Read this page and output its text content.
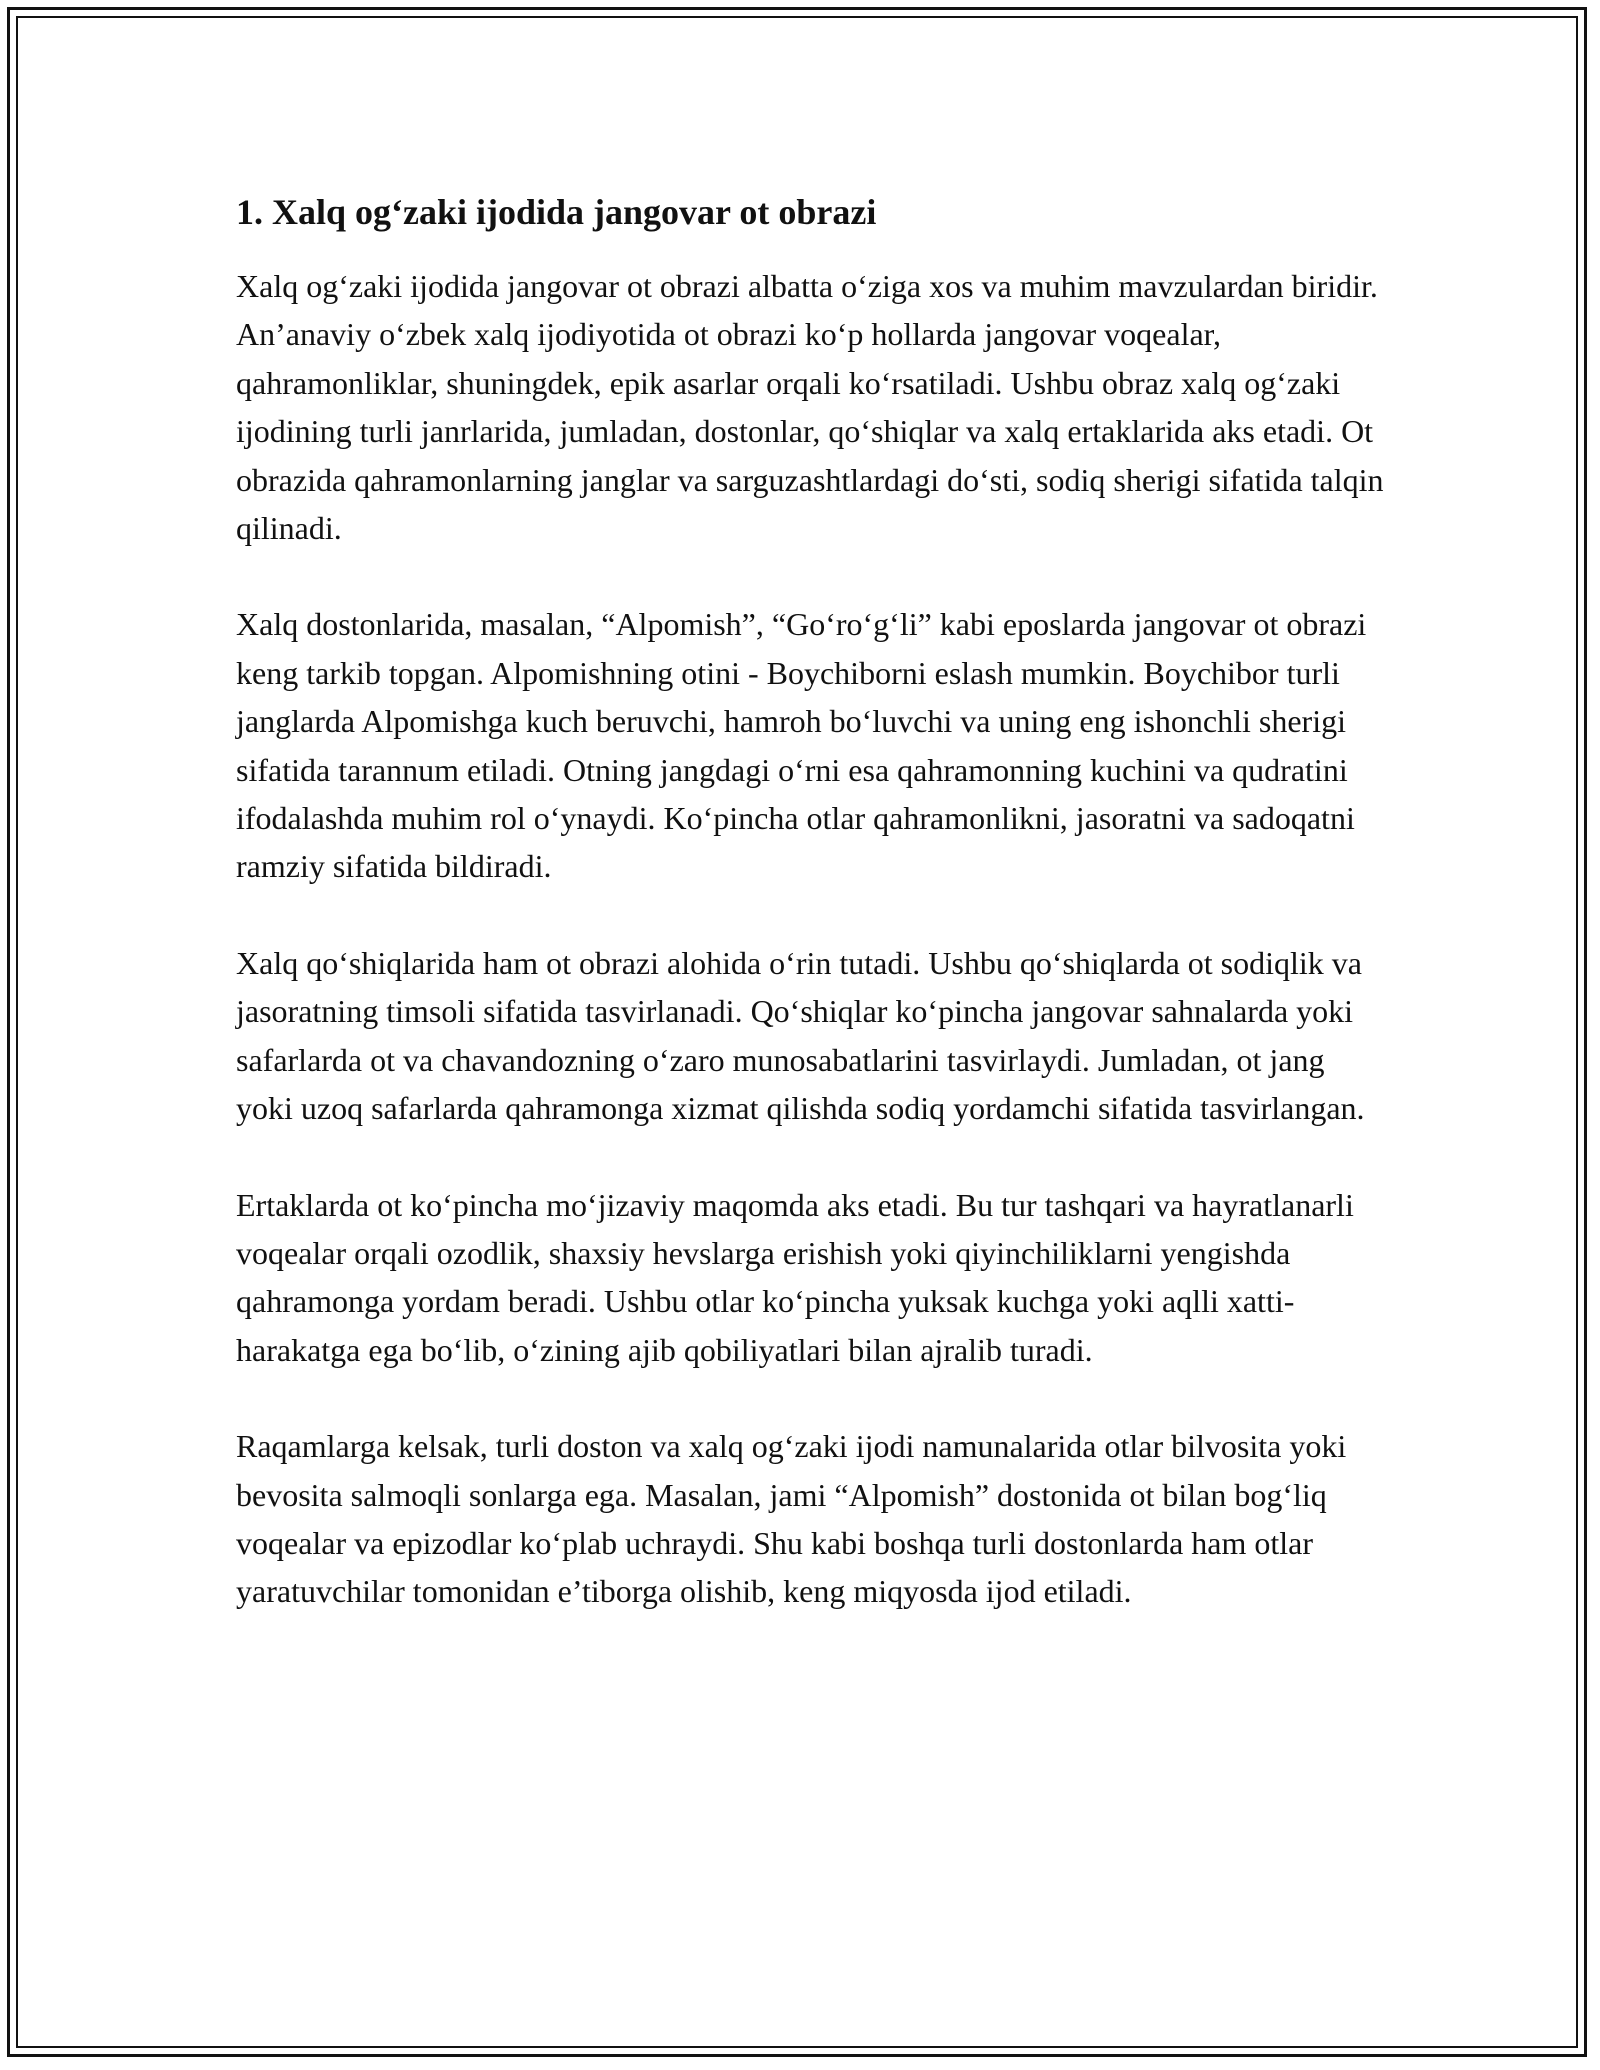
1. Xalq og‘zaki ijodida jangovar ot obrazi

Xalq og‘zaki ijodida jangovar ot obrazi albatta o‘ziga xos va muhim mavzulardan biridir. An’anaviy o‘zbek xalq ijodiyotida ot obrazi ko‘p hollarda jangovar voqealar, qahramonliklar, shuningdek, epik asarlar orqali ko‘rsatiladi. Ushbu obraz xalq og‘zaki ijodining turli janrlarida, jumladan, dostonlar, qo‘shiqlar va xalq ertaklarida aks etadi. Ot obrazida qahramonlarning janglar va sarguzashtlardagi do‘sti, sodiq sherigi sifatida talqin qilinadi.

Xalq dostonlarida, masalan, “Alpomish”, “Go‘ro‘g‘li” kabi eposlarda jangovar ot obrazi keng tarkib topgan. Alpomishning otini - Boychiborni eslash mumkin. Boychibor turli janglarda Alpomishga kuch beruvchi, hamroh bo‘luvchi va uning eng ishonchli sherigi sifatida tarannum etiladi. Otning jangdagi o‘rni esa qahramonning kuchini va qudratini ifodalashda muhim rol o‘ynaydi. Ko‘pincha otlar qahramonlikni, jasoratni va sadoqatni ramziy sifatida bildiradi.

Xalq qo‘shiqlarida ham ot obrazi alohida o‘rin tutadi. Ushbu qo‘shiqlarda ot sodiqlik va jasoratning timsoli sifatida tasvirlanadi. Qo‘shiqlar ko‘pincha jangovar sahnalarda yoki safarlarda ot va chavandozning o‘zaro munosabatlarini tasvirlaydi. Jumladan, ot jang yoki uzoq safarlarda qahramonga xizmat qilishda sodiq yordamchi sifatida tasvirlangan.

Ertaklarda ot ko‘pincha mo‘jizaviy maqomda aks etadi. Bu tur tashqari va hayratlanarli voqealar orqali ozodlik, shaxsiy hevslarga erishish yoki qiyinchiliklarni yengishda qahramonga yordam beradi. Ushbu otlar ko‘pincha yuksak kuchga yoki aqlli xatti-harakatga ega bo‘lib, o‘zining ajib qobiliyatlari bilan ajralib turadi.

Raqamlarga kelsak, turli doston va xalq og‘zaki ijodi namunalarida otlar bilvosita yoki bevosita salmoqli sonlarga ega. Masalan, jami “Alpomish” dostonida ot bilan bog‘liq voqealar va epizodlar ko‘plab uchraydi. Shu kabi boshqa turli dostonlarda ham otlar yaratuvchilar tomonidan e’tiborga olishib, keng miqyosda ijod etiladi.
